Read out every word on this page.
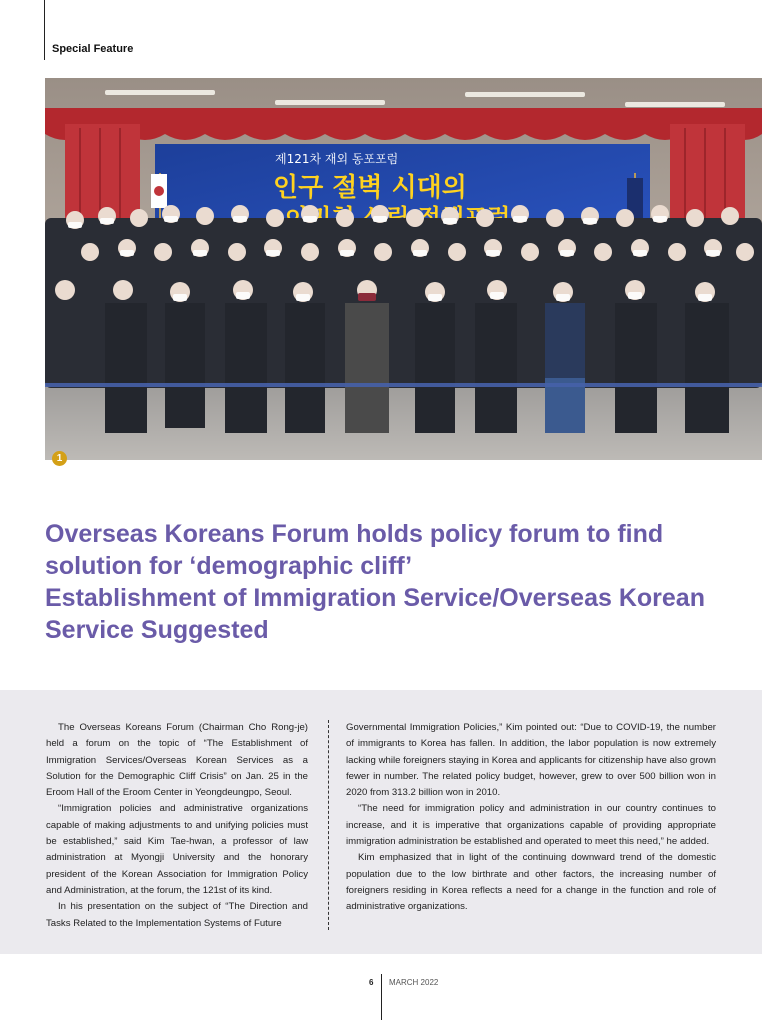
Special Feature
제121차 재외 동포포럼
인구 절벽 시대의
1
Overseas Koreans Forum holds policy forum to find
solution for ‘demographic cliff’
Establishment of Immigration Service/Overseas Korean
Service Suggested

The Overseas Koreans Forum (Chairman Cho Rong-je) held a forum on the topic of “The Establishment of Immigration Services/Overseas Korean Services as a Solution for the Demographic Cliff Crisis” on Jan. 25 in the Eroom Hall of the Eroom Center in Yeongdeungpo, Seoul.

“Immigration policies and administrative organizations capable of making adjustments to and unifying policies must be established,” said Kim Tae-hwan, a professor of law administration at Myongji University and the honorary president of the Korean Association for Immigration Policy and Administration, at the forum, the 121st of its kind.

In his presentation on the subject of “The Direction and Tasks Related to the Implementation Systems of Future

Governmental Immigration Policies,” Kim pointed out: “Due to COVID-19, the number of immigrants to Korea has fallen. In addition, the labor population is now extremely lacking while foreigners staying in Korea and applicants for citizenship have also grown fewer in number. The related policy budget, however, grew to over 500 billion won in 2020 from 313.2 billion won in 2010.

“The need for immigration policy and administration in our country continues to increase, and it is imperative that organizations capable of providing appropriate immigration administration be established and operated to meet this need,” he added.

Kim emphasized that in light of the continuing downward trend of the domestic population due to the low birthrate and other factors, the increasing number of foreigners residing in Korea reflects a need for a change in the function and role of administrative organizations.

6 MARCH 2022
